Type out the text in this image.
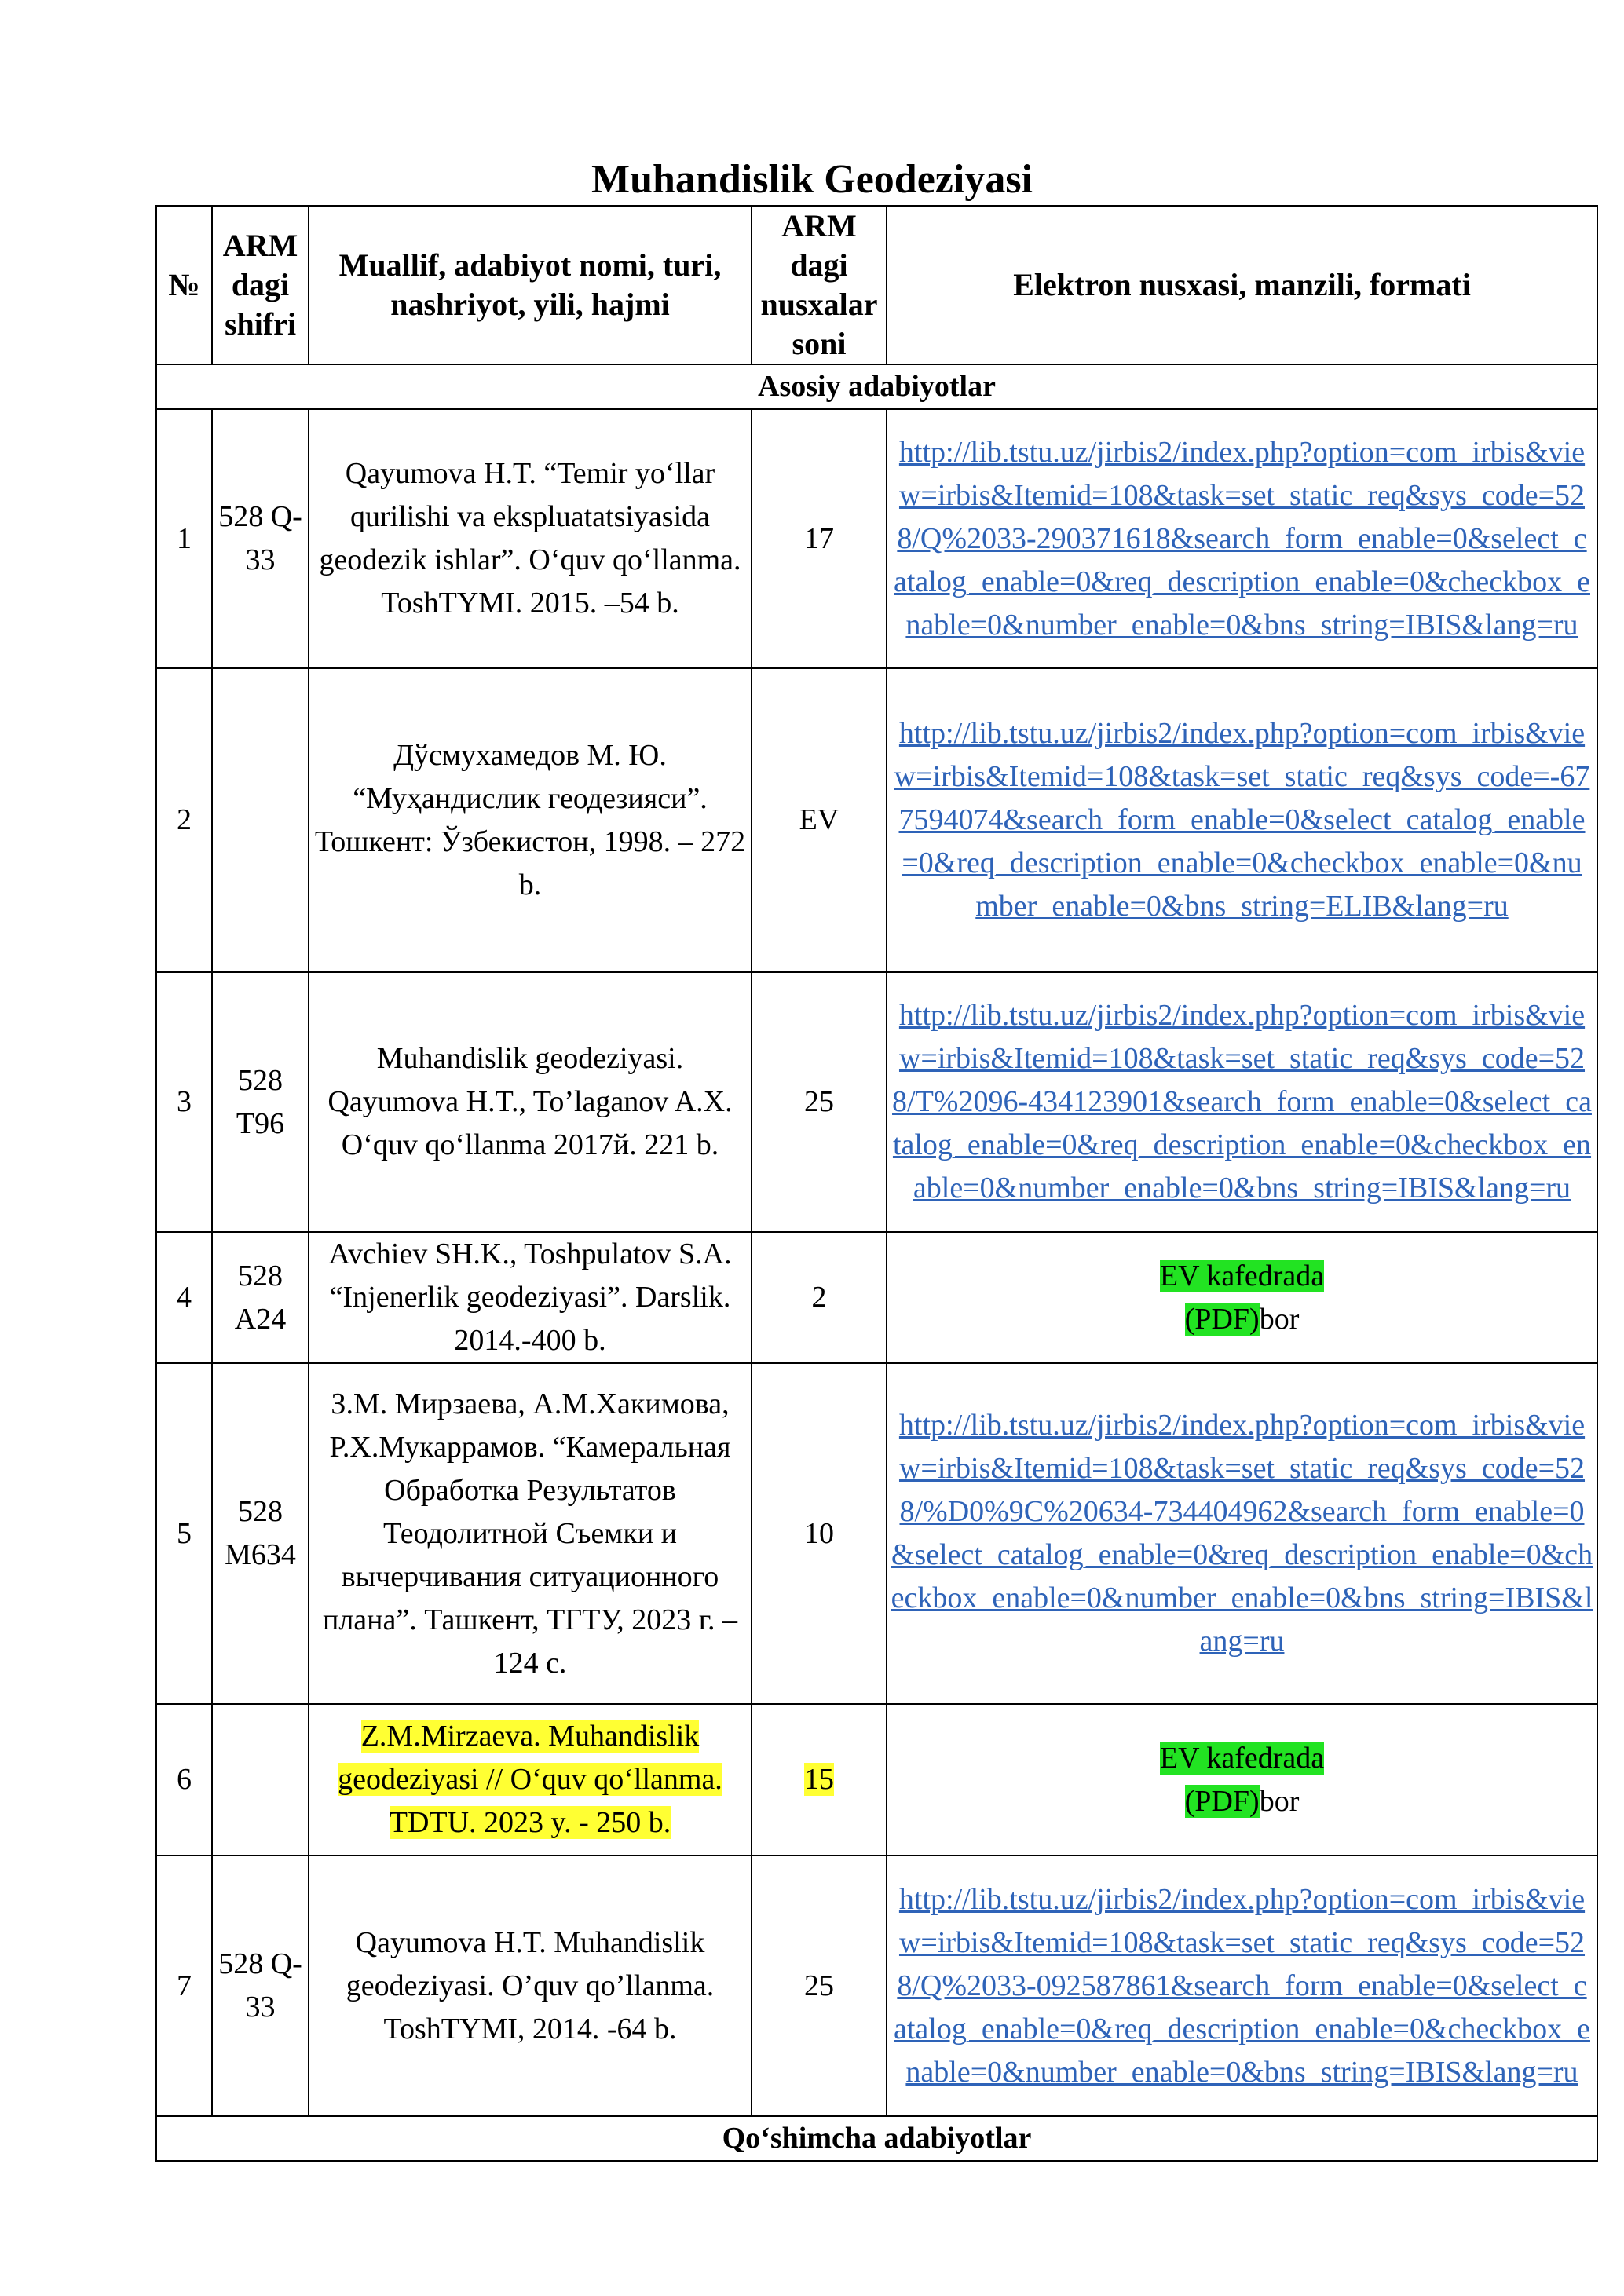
Muhandislik Geodeziyasi
№	ARM dagi shifri	Muallif, adabiyot nomi, turi, nashriyot, yili, hajmi	ARM dagi nusxalar soni	Elektron nusxasi, manzili, formati
Asosiy adabiyotlar				
1	528 Q-33	Qayumova H.T. “Temir yo‘llar qurilishi va ekspluatatsiyasida geodezik ishlar”. O‘quv qo‘llanma. ToshTYMI. 2015. –54 b.	17	http://lib.tstu.uz/jirbis2/index.php?option=com_irbis&view=irbis&Itemid=108&task=set_static_req&sys_code=528/Q%2033-290371618&search_form_enable=0&select_catalog_enable=0&req_description_enable=0&checkbox_enable=0&number_enable=0&bns_string=IBIS&lang=ru
2		Дўсмухамедов М. Ю. “Муҳандислик геодезияси”. Тошкент: Ўзбекистон, 1998. – 272 b.	EV	http://lib.tstu.uz/jirbis2/index.php?option=com_irbis&view=irbis&Itemid=108&task=set_static_req&sys_code=-677594074&search_form_enable=0&select_catalog_enable=0&req_description_enable=0&checkbox_enable=0&number_enable=0&bns_string=ELIB&lang=ru
3	528 T96	Muhandislik geodeziyasi. Qayumova H.T., To’laganov A.X. O‘quv qo‘llanma 2017й. 221 b.	25	http://lib.tstu.uz/jirbis2/index.php?option=com_irbis&view=irbis&Itemid=108&task=set_static_req&sys_code=528/T%2096-434123901&search_form_enable=0&select_catalog_enable=0&req_description_enable=0&checkbox_enable=0&number_enable=0&bns_string=IBIS&lang=ru
4	528 A24	Avchiev SH.K., Toshpulatov S.A. “Injenerlik geodeziyasi”. Darslik. 2014.-400 b.	2	EV kafedrada
(PDF)bor
5	528 M634	З.М. Мирзаева, А.М.Хакимова, Р.Х.Мукаррамов. “Камеральная Обработка Результатов Теодолитной Съемки и вычерчивания ситуационного плана”. Ташкент, ТГТУ, 2023 г. – 124 с.	10	http://lib.tstu.uz/jirbis2/index.php?option=com_irbis&view=irbis&Itemid=108&task=set_static_req&sys_code=528/%D0%9C%20634-734404962&search_form_enable=0&select_catalog_enable=0&req_description_enable=0&checkbox_enable=0&number_enable=0&bns_string=IBIS&lang=ru
6		Z.M.Mirzaeva. Muhandislik geodeziyasi // O‘quv qo‘llanma. TDTU. 2023 y. - 250 b.	15	EV kafedrada
(PDF)bor
7	528 Q-33	Qayumova H.T. Muhandislik geodeziyasi. O’quv qo’llanma. ToshTYMI, 2014. -64 b.	25	http://lib.tstu.uz/jirbis2/index.php?option=com_irbis&view=irbis&Itemid=108&task=set_static_req&sys_code=528/Q%2033-092587861&search_form_enable=0&select_catalog_enable=0&req_description_enable=0&checkbox_enable=0&number_enable=0&bns_string=IBIS&lang=ru
Qo‘shimcha adabiyotlar				
